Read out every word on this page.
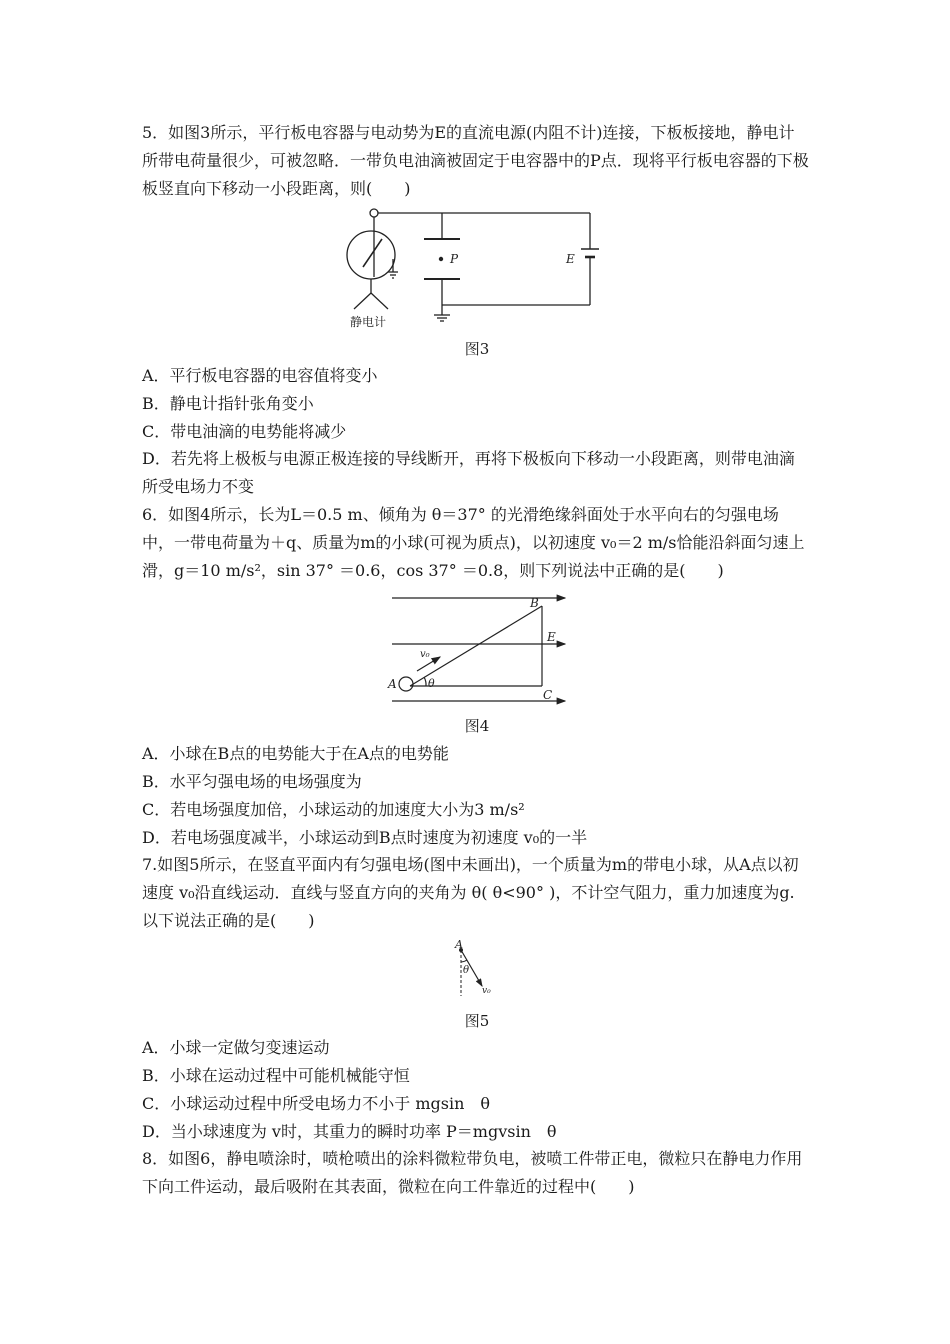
5．如图3所示，平行板电容器与电动势为E的直流电源(内阻不计)连接，下板板接地，静电计所带电荷量很少，可被忽略．一带负电油滴被固定于电容器中的P点．现将平行板电容器的下极板竖直向下移动一小段距离，则(　　)

P	E
静电计
图3

A．平行板电容器的电容值将变小

B．静电计指针张角变小

C．带电油滴的电势能将减少

D．若先将上极板与电源正极连接的导线断开，再将下极板向下移动一小段距离，则带电油滴所受电场力不变

6．如图4所示，长为L＝0.5 m、倾角为 θ＝37° 的光滑绝缘斜面处于水平向右的匀强电场中，一带电荷量为＋q、质量为m的小球(可视为质点)，以初速度 v₀＝2 m/s恰能沿斜面匀速上滑，g＝10 m/s²，sin 37° ＝0.6，cos 37° ＝0.8，则下列说法中正确的是(　　)

v₀
θ
A
B
C
E
图4

A．小球在B点的电势能大于在A点的电势能

B．水平匀强电场的电场强度为

C．若电场强度加倍，小球运动的加速度大小为3 m/s²

D．若电场强度减半，小球运动到B点时速度为初速度 v₀的一半

7.如图5所示，在竖直平面内有匀强电场(图中未画出)，一个质量为m的带电小球，从A点以初速度 v₀沿直线运动．直线与竖直方向的夹角为 θ( θ<90° )，不计空气阻力，重力加速度为g.以下说法正确的是(　　)

A
θ
v₀
图5

A．小球一定做匀变速运动

B．小球在运动过程中可能机械能守恒

C．小球运动过程中所受电场力不小于 mgsin　θ

D．当小球速度为 v时，其重力的瞬时功率 P＝mgvsin　θ

8．如图6，静电喷涂时，喷枪喷出的涂料微粒带负电，被喷工件带正电，微粒只在静电力作用下向工件运动，最后吸附在其表面，微粒在向工件靠近的过程中(　　)
